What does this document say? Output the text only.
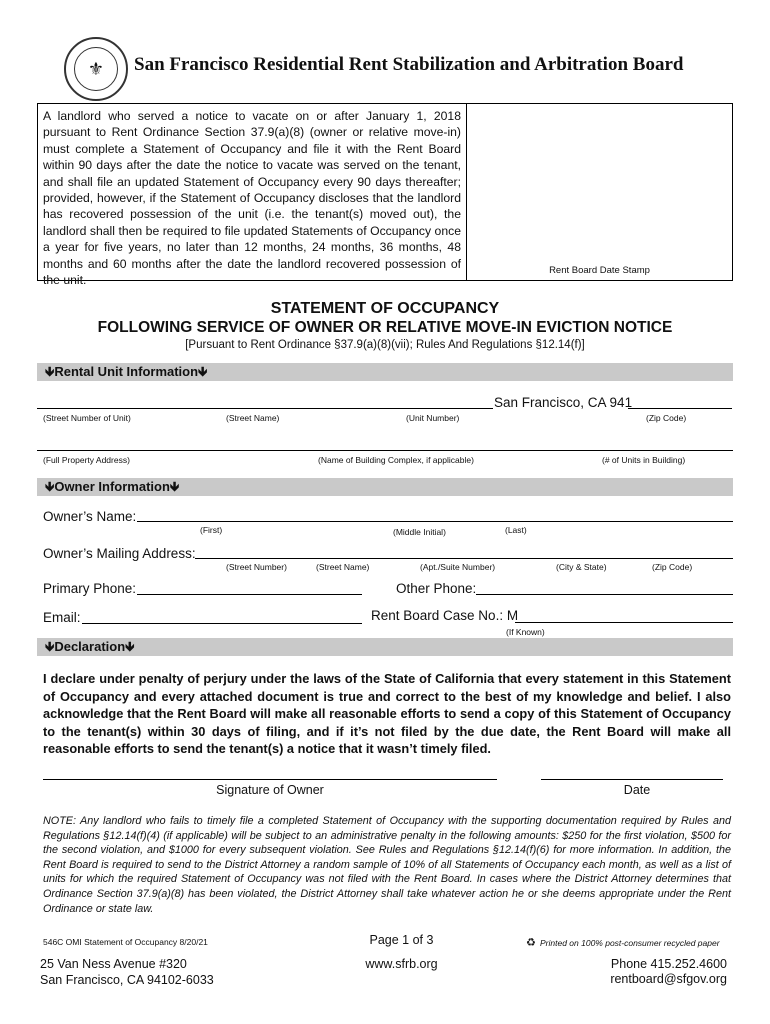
⚜	San Francisco Residential Rent Stabilization and Arbitration Board
A landlord who served a notice to vacate on or after January 1, 2018 pursuant to Rent Ordinance Section 37.9(a)(8) (owner or relative move-in) must complete a Statement of Occupancy and file it with the Rent Board within 90 days after the date the notice to vacate was served on the tenant, and shall file an updated Statement of Occupancy every 90 days thereafter; provided, however, if the Statement of Occupancy discloses that the landlord has recovered possession of the unit (i.e. the tenant(s) moved out), the landlord shall then be required to file updated Statements of Occupancy once a year for five years, no later than 12 months, 24 months, 36 months, 48 months and 60 months after the date the landlord recovered possession of the unit.
Rent Board Date Stamp
STATEMENT OF OCCUPANCY
FOLLOWING SERVICE OF OWNER OR RELATIVE MOVE-IN EVICTION NOTICE
[Pursuant to Rent Ordinance §37.9(a)(8)(vii); Rules And Regulations §12.14(f)]
🡻Rental Unit Information🡻
San Francisco, CA 941
(Street Number of Unit)	(Street Name)	(Unit Number)	(Zip Code)
(Full Property Address)	(Name of Building Complex, if applicable)	(# of Units in Building)
🡻Owner Information🡻
Owner’s Name:
(First)	(Middle Initial)	(Last)
Owner’s Mailing Address:
(Street Number)	(Street Name)	(Apt./Suite Number)	(City & State)	(Zip Code)
Primary Phone:	Other Phone:
Email:	Rent Board Case No.: M
(If Known)
🡻Declaration🡻
I declare under penalty of perjury under the laws of the State of California that every statement in this Statement of Occupancy and every attached document is true and correct to the best of my knowledge and belief. I also acknowledge that the Rent Board will make all reasonable efforts to send a copy of this Statement of Occupancy to the tenant(s) within 30 days of filing, and if it’s not filed by the due date, the Rent Board will make all reasonable efforts to send the tenant(s) a notice that it wasn’t timely filed.
Signature of Owner	Date
NOTE: Any landlord who fails to timely file a completed Statement of Occupancy with the supporting documentation required by Rules and Regulations §12.14(f)(4) (if applicable) will be subject to an administrative penalty in the following amounts: $250 for the first violation, $500 for the second violation, and $1000 for every subsequent violation. See Rules and Regulations §12.14(f)(6) for more information. In addition, the Rent Board is required to send to the District Attorney a random sample of 10% of all Statements of Occupancy each month, as well as a list of units for which the required Statement of Occupancy was not filed with the Rent Board. In cases where the District Attorney determines that Ordinance Section 37.9(a)(8) has been violated, the District Attorney shall take whatever action he or she deems appropriate under the Rent Ordinance or state law.
546C OMI Statement of Occupancy 8/20/21	Page 1 of 3	♻ Printed on 100% post-consumer recycled paper
25 Van Ness Avenue #320
San Francisco, CA 94102-6033
www.sfrb.org	Phone 415.252.4600
rentboard@sfgov.org
